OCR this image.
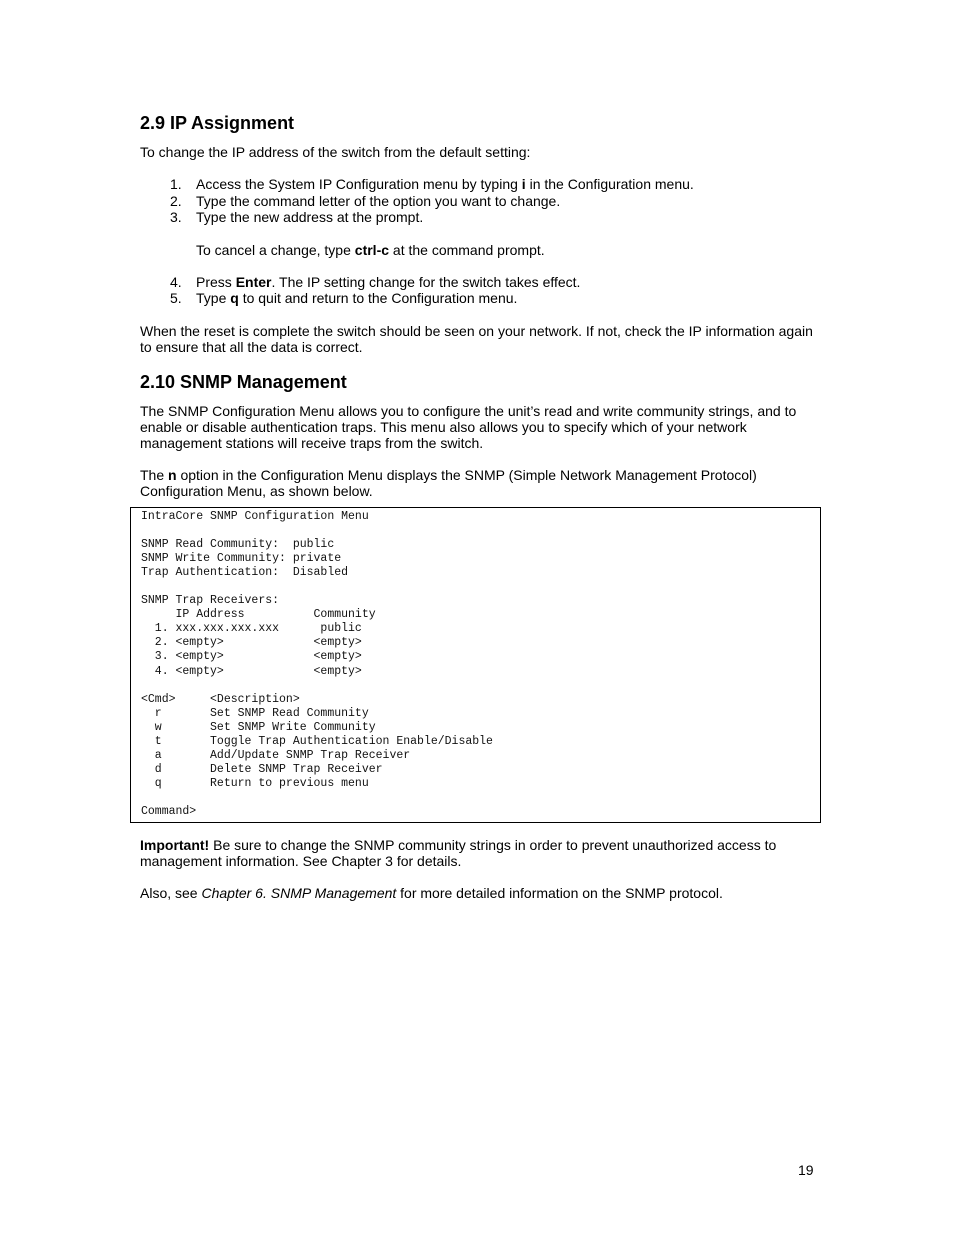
2.9 IP Assignment

To change the IP address of the switch from the default setting:

1.	Access the System IP Configuration menu by typing i in the Configuration menu.
2.	Type the command letter of the option you want to change.
3.	Type the new address at the prompt.

To cancel a change, type ctrl-c at the command prompt.

4.	Press Enter. The IP setting change for the switch takes effect.
5.	Type q to quit and return to the Configuration menu.

When the reset is complete the switch should be seen on your network. If not, check the IP information again to ensure that all the data is correct.

2.10 SNMP Management

The SNMP Configuration Menu allows you to configure the unit’s read and write community strings, and to enable or disable authentication traps. This menu also allows you to specify which of your network management stations will receive traps from the switch.

The n option in the Configuration Menu displays the SNMP (Simple Network Management Protocol) Configuration Menu, as shown below.

IntraCore SNMP Configuration Menu
SNMP Read Community:  public
SNMP Write Community: private
Trap Authentication:  Disabled
SNMP Trap Receivers:
IP Address          Community
1. xxx.xxx.xxx.xxx      public
2. <empty>             <empty>
3. <empty>             <empty>
4. <empty>             <empty>
<Cmd>     <Description>
r       Set SNMP Read Community
w       Set SNMP Write Community
t       Toggle Trap Authentication Enable/Disable
a       Add/Update SNMP Trap Receiver
d       Delete SNMP Trap Receiver
q       Return to previous menu
Command>

Important! Be sure to change the SNMP community strings in order to prevent unauthorized access to management information. See Chapter 3 for details.

Also, see Chapter 6. SNMP Management for more detailed information on the SNMP protocol.

19
